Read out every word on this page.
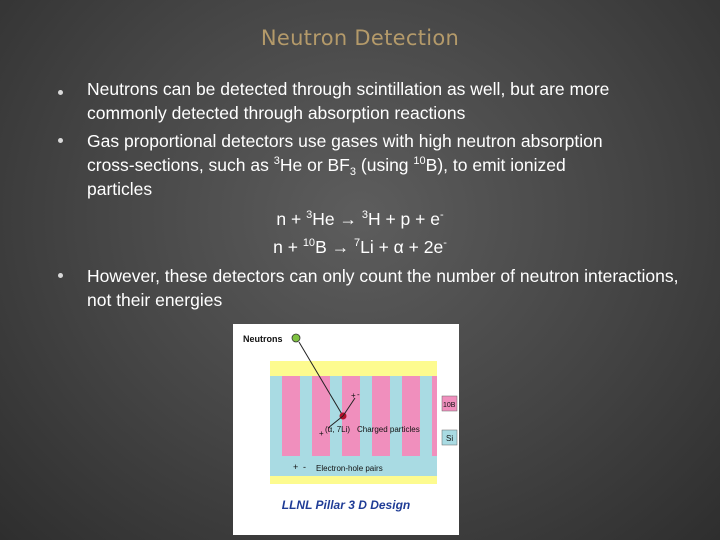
Neutron Detection
Neutrons can be detected through scintillation as well, but are more commonly detected through absorption reactions
Gas proportional detectors use gases with high neutron absorption
cross-sections, such as $^3$He or $BF_3$ (using $^{10}$B), to emit ionized
particles
n + $^3$He → $^3$H + p + e-
n + $^{10}$B → $^7$Li + α + 2e-
However, these detectors can only count the number of neutron interactions, not their energies
Neutrons
+ -
+ (α, 7Li) Charged particles
10B
Si
+ - Electron-hole pairs
LLNL Pillar 3 D Design
